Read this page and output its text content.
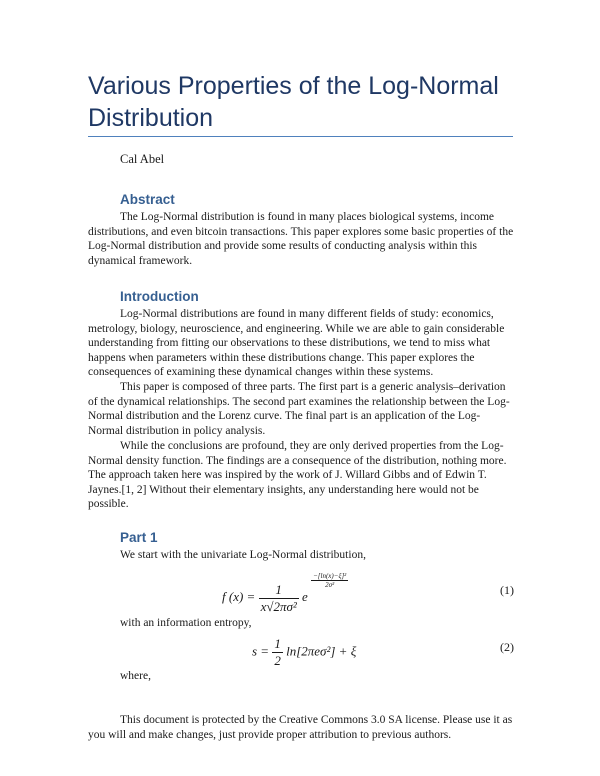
Various Properties of the Log-Normal Distribution
Cal Abel
Abstract

The Log-Normal distribution is found in many places biological systems, income distributions, and even bitcoin transactions. This paper explores some basic properties of the Log-Normal distribution and provide some results of conducting analysis within this dynamical framework.

Introduction

Log-Normal distributions are found in many different fields of study: economics, metrology, biology, neuroscience, and engineering. While we are able to gain considerable understanding from fitting our observations to these distributions, we tend to miss what happens when parameters within these distributions change. This paper explores the consequences of examining these dynamical changes within these systems.

This paper is composed of three parts. The first part is a generic analysis–derivation of the dynamical relationships. The second part examines the relationship between the Log-Normal distribution and the Lorenz curve. The final part is an application of the Log-Normal distribution in policy analysis.

While the conclusions are profound, they are only derived properties from the Log-Normal density function. The findings are a consequence of the distribution, nothing more. The approach taken here was inspired by the work of J. Willard Gibbs and of Edwin T. Jaynes.[1, 2] Without their elementary insights, any understanding here would not be possible.

Part 1

We start with the univariate Log-Normal distribution,

f $(x) = \frac{1}{\text{x√2πσ²}}$ e
$\frac{\text{−[ln(x)−ξ]²}}{\text{2σ²}}$
(1)

with an information entropy,

$s = \frac{1}{2} \ln[2\pi e\sigma^2] + \xi$	(2)

where,

This document is protected by the Creative Commons 3.0 SA license. Please use it as you will and make changes, just provide proper attribution to previous authors.
